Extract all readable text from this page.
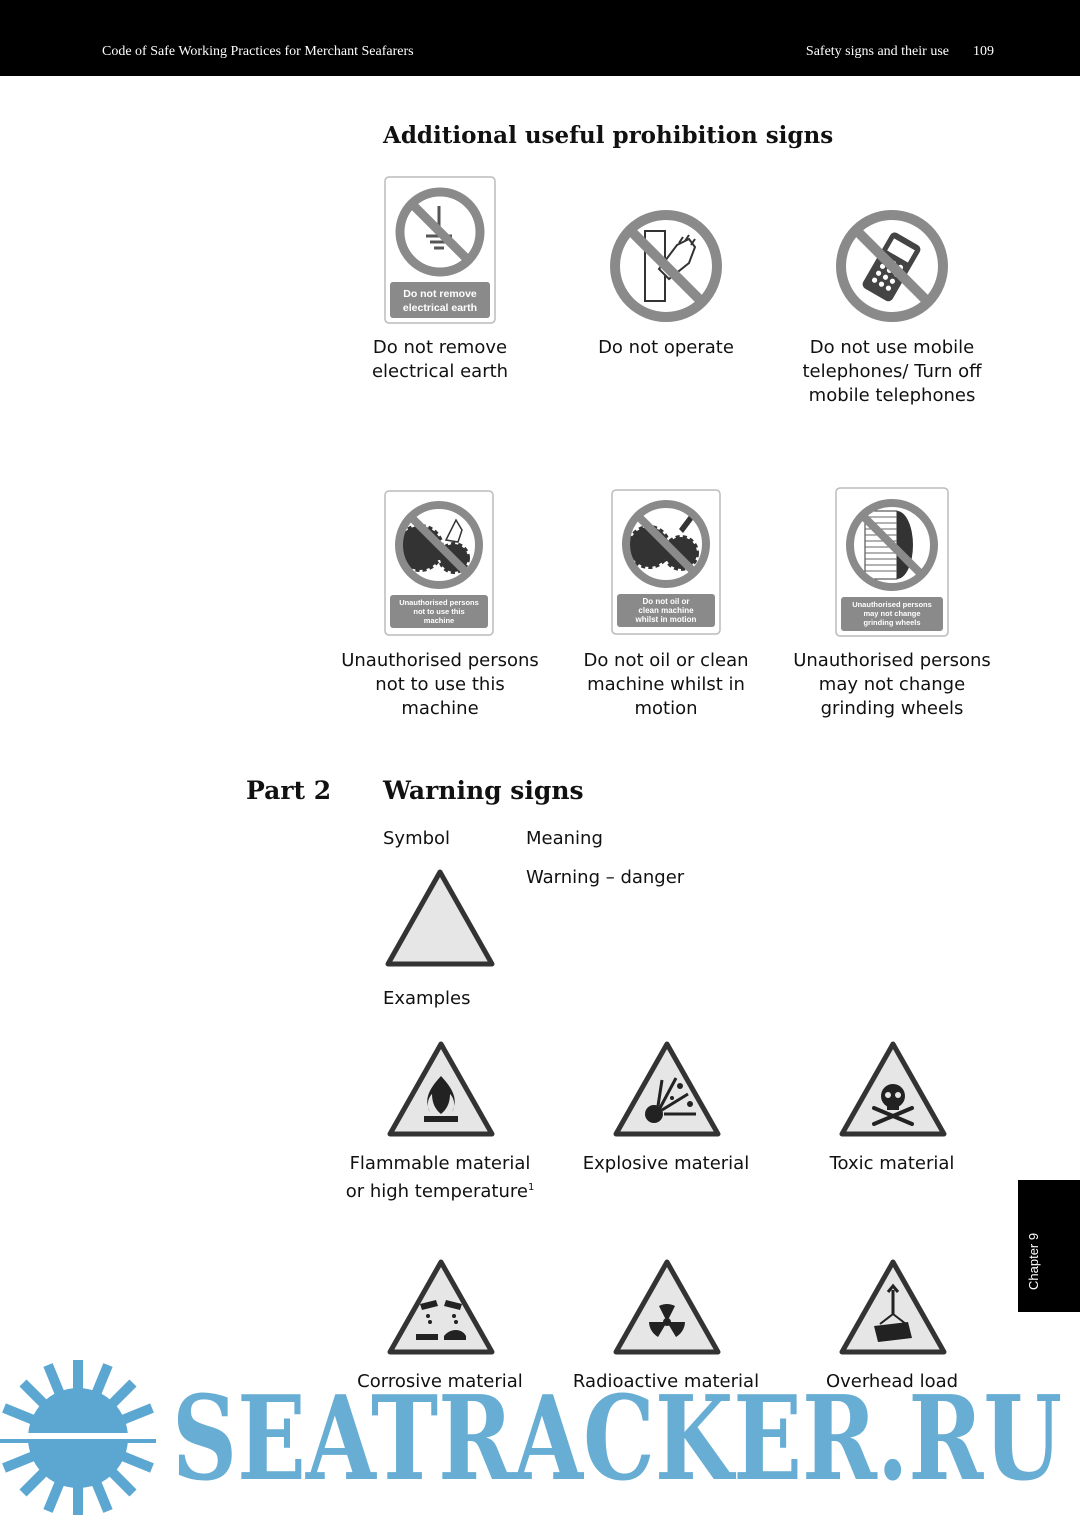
Code of Safe Working Practices for Merchant Seafarers	Safety signs and their use 109
Additional useful prohibition signs
Do not remove
electrical earth
Do not remove electrical earth
Do not operate	Do not use mobile telephones/ Turn off mobile telephones
Unauthorised persons
not to use this
machine
Unauthorised persons not to use this machine
Do not oil or
clean machine
whilst in motion
Do not oil or clean machine whilst in motion
Unauthorised persons
may not change
grinding wheels
Unauthorised persons may not change grinding wheels
Part 2 Warning signs
Symbol	Meaning
Warning – danger
Examples
Flammable material or high temperature$^1$
Explosive material	Toxic material
Corrosive material	Radioactive material	Overhead load
Chapter 9
SEATRACKER.RU
